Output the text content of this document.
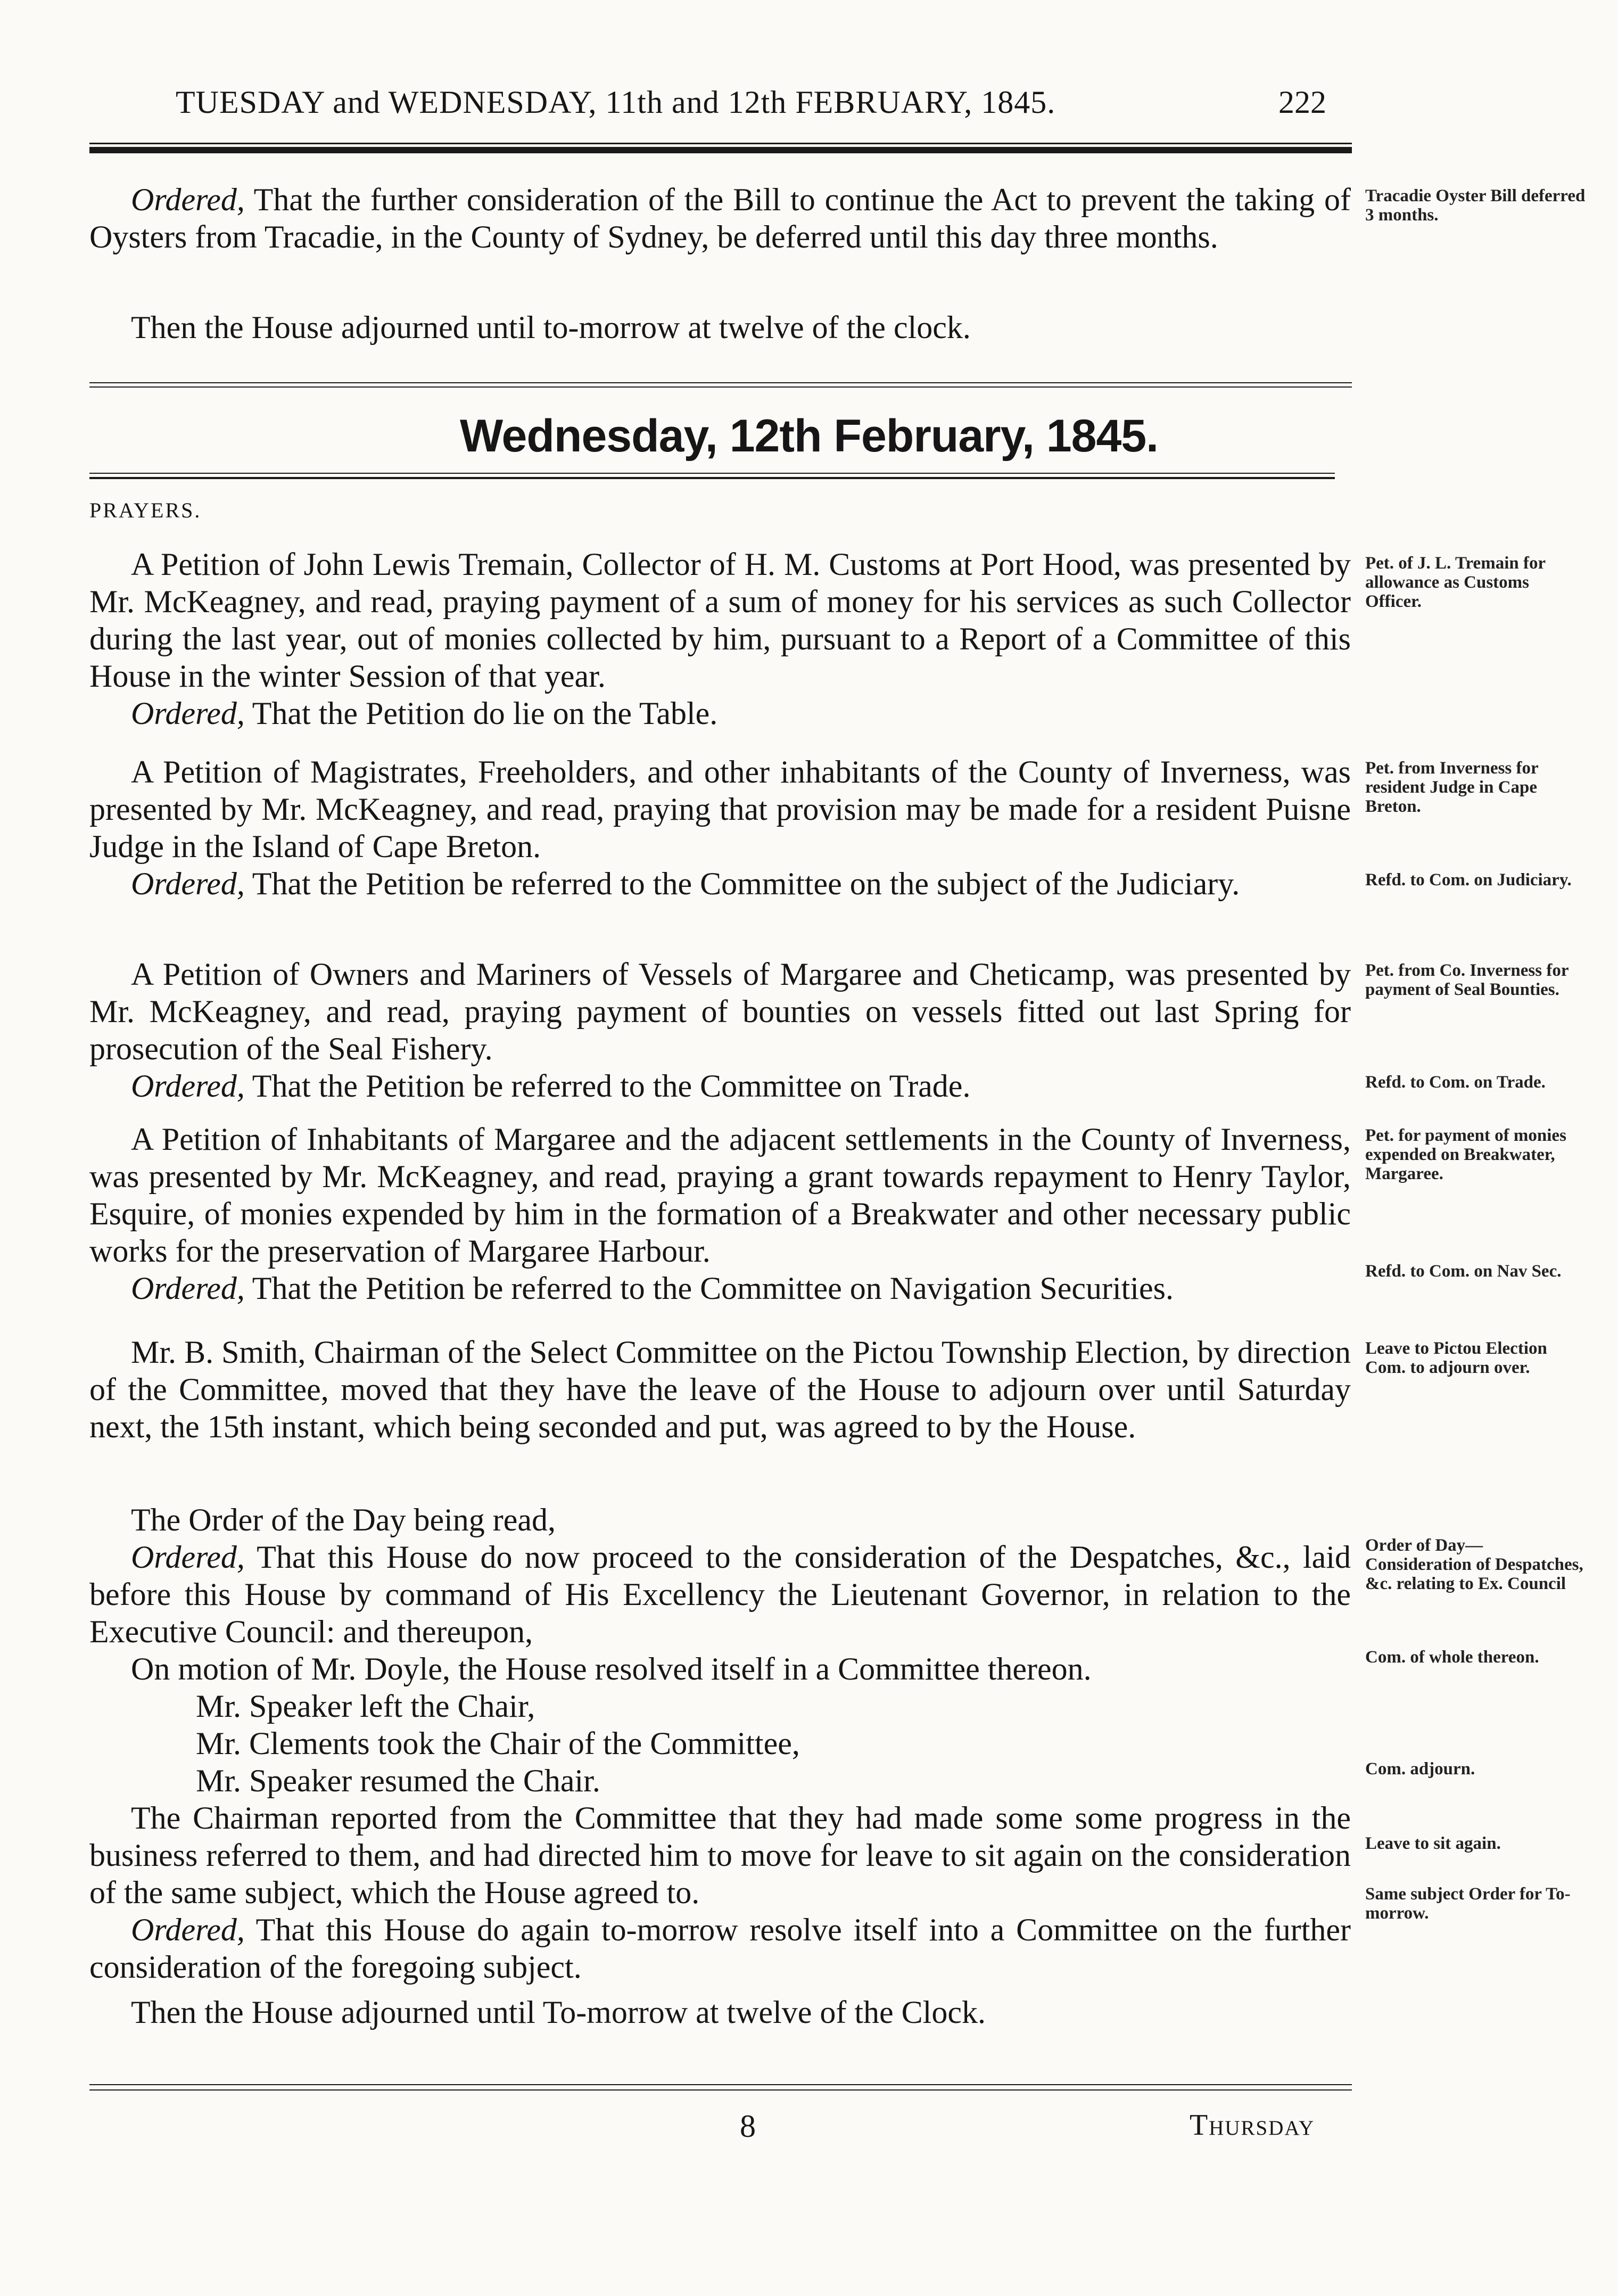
TUESDAY and WEDNESDAY, 11th and 12th FEBRUARY, 1845.	222

Ordered, That the further consideration of the Bill to continue the Act to prevent the taking of Oysters from Tracadie, in the County of Sydney, be deferred until this day three months.

Tracadie Oyster Bill deferred 3 months.

Then the House adjourned until to-morrow at twelve of the clock.

Wednesday, 12th February, 1845.
PRAYERS.

A Petition of John Lewis Tremain, Collector of H. M. Customs at Port Hood, was presented by Mr. McKeagney, and read, praying payment of a sum of money for his services as such Collector during the last year, out of monies collected by him, pursuant to a Report of a Committee of this House in the winter Session of that year.

Ordered, That the Petition do lie on the Table.

Pet. of J. L. Tremain for allowance as Customs Officer.

A Petition of Magistrates, Freeholders, and other inhabitants of the County of Inverness, was presented by Mr. McKeagney, and read, praying that provision may be made for a resident Puisne Judge in the Island of Cape Breton.

Ordered, That the Petition be referred to the Committee on the subject of the Judiciary.

Pet. from Inverness for resident Judge in Cape Breton.
Refd. to Com. on Judiciary.

A Petition of Owners and Mariners of Vessels of Margaree and Cheticamp, was presented by Mr. McKeagney, and read, praying payment of bounties on vessels fitted out last Spring for prosecution of the Seal Fishery.

Ordered, That the Petition be referred to the Committee on Trade.

Pet. from Co. Inverness for payment of Seal Bounties.
Refd. to Com. on Trade.

A Petition of Inhabitants of Margaree and the adjacent settlements in the County of Inverness, was presented by Mr. McKeagney, and read, praying a grant towards repayment to Henry Taylor, Esquire, of monies expended by him in the formation of a Breakwater and other necessary public works for the preservation of Margaree Harbour.

Ordered, That the Petition be referred to the Committee on Navigation Securities.

Pet. for payment of monies expended on Breakwater, Margaree.
Refd. to Com. on Nav Sec.

Mr. B. Smith, Chairman of the Select Committee on the Pictou Township Election, by direction of the Committee, moved that they have the leave of the House to adjourn over until Saturday next, the 15th instant, which being seconded and put, was agreed to by the House.

Leave to Pictou Election Com. to adjourn over.

The Order of the Day being read,

Ordered, That this House do now proceed to the consideration of the Despatches, &c., laid before this House by command of His Excellency the Lieutenant Governor, in relation to the Executive Council: and thereupon,

On motion of Mr. Doyle, the House resolved itself in a Committee thereon.

Mr. Speaker left the Chair,

Mr. Clements took the Chair of the Committee,

Mr. Speaker resumed the Chair.

The Chairman reported from the Committee that they had made some some progress in the business referred to them, and had directed him to move for leave to sit again on the consideration of the same subject, which the House agreed to.

Ordered, That this House do again to-morrow resolve itself into a Committee on the further consideration of the foregoing subject.

Order of Day— Consideration of Despatches, &c. relating to Ex. Council
Com. of whole thereon.
Com. adjourn.
Leave to sit again.
Same subject Order for To-morrow.

Then the House adjourned until To-morrow at twelve of the Clock.

8	Thursday
